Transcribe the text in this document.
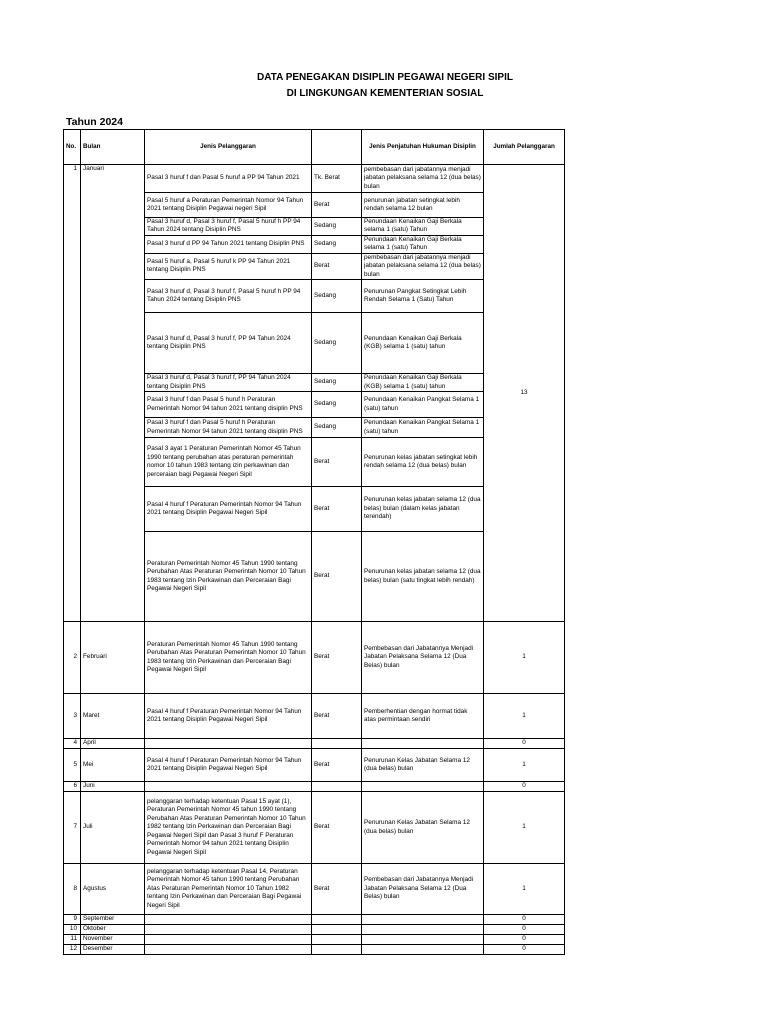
DATA PENEGAKAN DISIPLIN PEGAWAI NEGERI SIPIL
DI LINGKUNGAN KEMENTERIAN SOSIAL
Tahun 2024
No.	Bulan	Jenis Pelanggaran		Jenis Penjatuhan Hukuman Disiplin	Jumlah Pelanggaran
1	Januari	Pasal 3 huruf f dan Pasal 5 huruf a PP 94 Tahun 2021	Tk. Berat	pembebasan dari jabatannya menjadi jabatan pelaksana selama 12 (dua belas) bulan	13
		Pasal 5 huruf a Peraturan Pemerintah Nomor 94 Tahun 2021 tentang Disiplin Pegawai negeri Sipil	Berat	penurunan jabatan setingkat lebih rendah selama 12 bulan	
		Pasal 3 huruf d, Pasal 3 huruf f, Pasal 5 huruf h PP 94 Tahun 2024 tentang Disiplin PNS	Sedang	Penundaan Kenaikan Gaji Berkala selama 1 (satu) Tahun	
		Pasal 3 huruf d PP 94 Tahun 2021 tentang Disiplin PNS	Sedang	Penundaan Kenaikan Gaji Berkala selama 1 (satu) Tahun	
		Pasal 5 huruf a, Pasal 5 huruf k PP 94 Tahun 2021 tentang Disiplin PNS	Berat	pembebasan dari jabatannya menjadi jabatan pelaksana selama 12 (dua belas) bulan	
		Pasal 3 huruf d, Pasal 3 huruf f, Pasal 5 huruf h PP 94 Tahun 2024 tentang Disiplin PNS	Sedang	Penurunan Pangkat Setingkat Lebih Rendah Selama 1 (Satu) Tahun	
		Pasal 3 huruf d, Pasal 3 huruf f, PP 94 Tahun 2024 tentang Disiplin PNS	Sedang	Penundaan Kenaikan Gaji Berkala (KGB) selama 1 (satu) tahun	
		Pasal 3 huruf d, Pasal 3 huruf f, PP 94 Tahun 2024 tentang Disiplin PNS	Sedang	Penundaan Kenaikan Gaji Berkala (KGB) selama 1 (satu) tahun	
		Pasal 3 huruf f dan Pasal 5 huruf h Peraturan Pemerintah Nomor 94 tahun 2021 tentang disiplin PNS	Sedang	Penundaan Kenaikan Pangkat Selama 1 (satu) tahun	
		Pasal 3 huruf f dan Pasal 5 huruf h Peraturan Pemerintah Nomor 94 tahun 2021 tentang disiplin PNS	Sedang	Penundaan Kenaikan Pangkat Selama 1 (satu) tahun	
		Pasal 3 ayat 1 Peraturan Pemerintah Nomor 45 Tahun 1990 tentang perubahan atas peraturan pemerintah nomor 10 tahun 1983 tentang izin perkawinan dan perceraian bagi Pegawai Negeri Sipil	Berat	Penurunan kelas jabatan setingkat lebih rendah selama 12 (dua belas) bulan	
		Pasal 4 huruf f Peraturan Pemerintah Nomor 94 Tahun 2021 tentang Disiplin Pegawai Negeri Sipil	Berat	Penurunan kelas jabatan selama 12 (dua belas) bulan (dalam kelas jabatan terendah)	
		Peraturan Pemerintah Nomor 45 Tahun 1990 tentang Perubahan Atas Peraturan Pemerintah Nomor 10 Tahun 1983 tentang Izin Perkawinan dan Perceraian Bagi Pegawai Negeri Sipil	Berat	Penurunan kelas jabatan selama 12 (dua belas) bulan (satu tingkat lebih rendah)	
2	Februari	Peraturan Pemerintah Nomor 45 Tahun 1990 tentang Perubahan Atas Peraturan Pemerintah Nomor 10 Tahun 1983 tentang Izin Perkawinan dan Perceraian Bagi Pegawai Negeri Sipil	Berat	Pembebasan dari Jabatannya Menjadi Jabatan Pelaksana Selama 12 (Dua Belas) bulan	1
3	Maret	Pasal 4 huruf f Peraturan Pemerintah Nomor 94 Tahun 2021 tentang Disiplin Pegawai Negeri Sipil	Berat	Pemberhentian dengan hormat tidak atas permintaan sendiri	1
4	April				0
5	Mei	Pasal 4 huruf f Peraturan Pemerintah Nomor 94 Tahun 2021 tentang Disiplin Pegawai Negeri Sipil	Berat	Penurunan Kelas Jabatan Selama 12 (dua belas) bulan	1
6	Juni				0
7	Juli	pelanggaran terhadap ketentuan Pasal 15 ayat (1), Peraturan Pemerintah Nomor 45 tahun 1990 tentang Perubahan Atas Peraturan Pemerintah Nomor 10 Tahun 1982 tentang Izin Perkawinan dan Perceraian Bagi Pegawai Negeri Sipil dan Pasal 3 huruf F Peraturan Pemerintah Nomor 94 tahun 2021 tentang Disiplin Pegawai Negeri Sipil	Berat	Penurunan Kelas Jabatan Selama 12 (dua belas) bulan	1
8	Agustus	pelanggaran terhadap ketentuan Pasal 14, Peraturan Pemerintah Nomor 45 tahun 1990 tentang Perubahan Atas Peraturan Pemerintah Nomor 10 Tahun 1982 tentang Izin Perkawinan dan Perceraian Bagi Pegawai Negeri Sipil	Berat	Pembebasan dari Jabatannya Menjadi Jabatan Pelaksana Selama 12 (Dua Belas) bulan	1
9	September				0
10	Oktober				0
11	November				0
12	Desember				0
